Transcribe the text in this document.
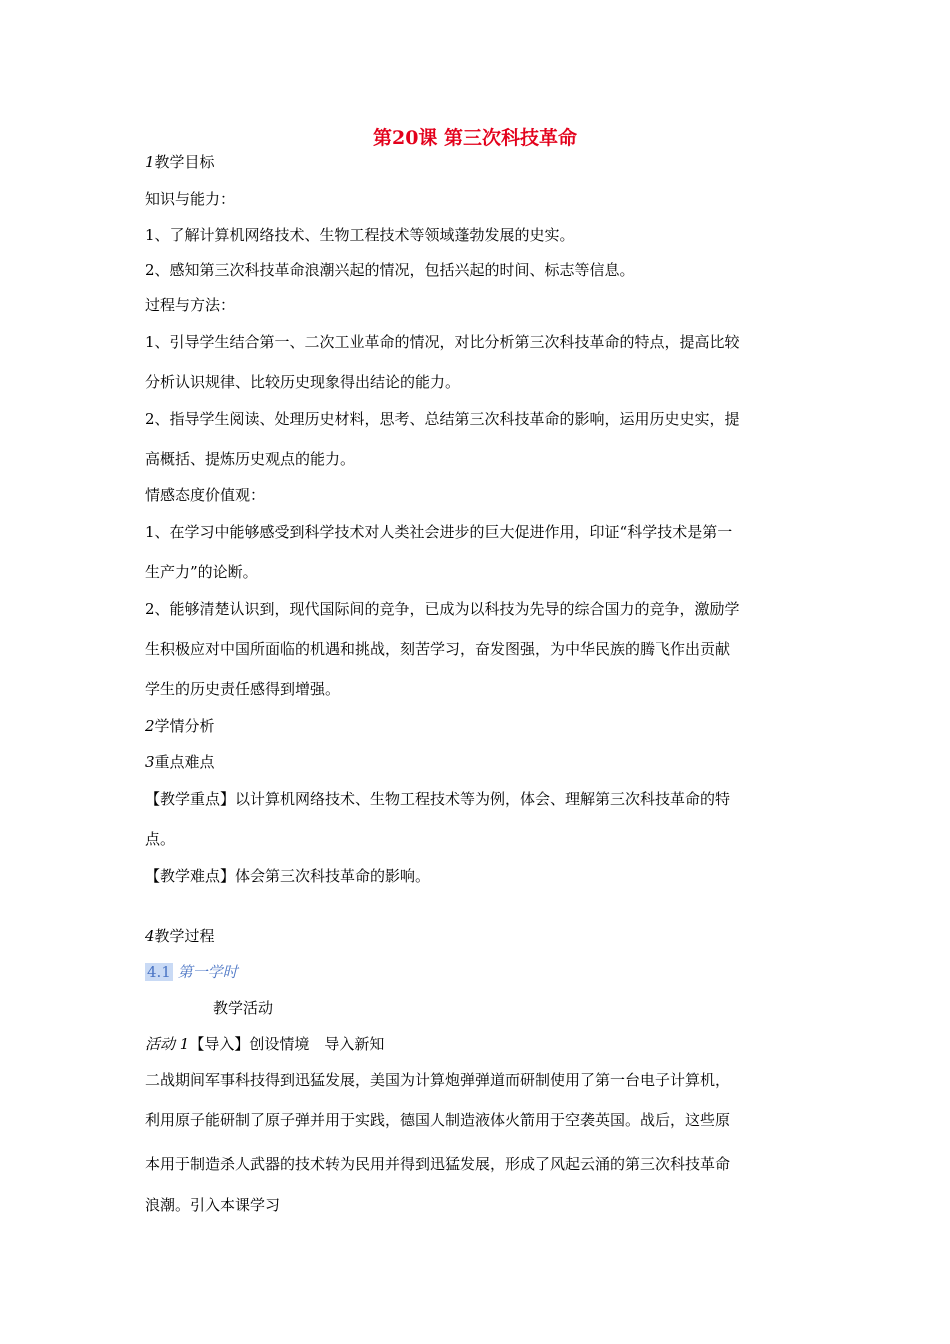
第20课 第三次科技革命
1教学目标
知识与能力：
1、了解计算机网络技术、生物工程技术等领域蓬勃发展的史实。
2、感知第三次科技革命浪潮兴起的情况，包括兴起的时间、标志等信息。
过程与方法：
1、引导学生结合第一、二次工业革命的情况，对比分析第三次科技革命的特点，提高比较
分析认识规律、比较历史现象得出结论的能力。
2、指导学生阅读、处理历史材料，思考、总结第三次科技革命的影响，运用历史史实，提
高概括、提炼历史观点的能力。
情感态度价值观：
1、在学习中能够感受到科学技术对人类社会进步的巨大促进作用，印证“科学技术是第一
生产力”的论断。
2、能够清楚认识到，现代国际间的竞争，已成为以科技为先导的综合国力的竞争，激励学
生积极应对中国所面临的机遇和挑战，刻苦学习，奋发图强，为中华民族的腾飞作出贡献
学生的历史责任感得到增强。
2学情分析
3重点难点
【教学重点】以计算机网络技术、生物工程技术等为例，体会、理解第三次科技革命的特
点。
【教学难点】体会第三次科技革命的影响。
4教学过程
4.1 第一学时
教学活动
活动 1【导入】创设情境　导入新知
二战期间军事科技得到迅猛发展，美国为计算炮弹弹道而研制使用了第一台电子计算机，
利用原子能研制了原子弹并用于实践，德国人制造液体火箭用于空袭英国。战后，这些原
本用于制造杀人武器的技术转为民用并得到迅猛发展，形成了风起云涌的第三次科技革命
浪潮。引入本课学习
